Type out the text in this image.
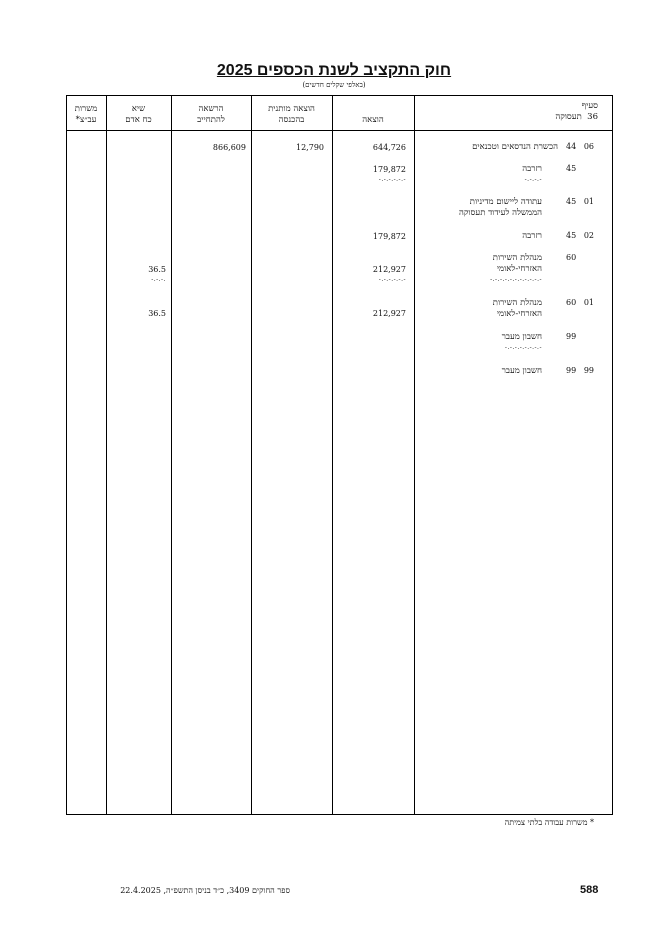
חוק התקציב לשנת הכספים 2025
(באלפי שקלים חדשים)
סעיף
36  תעסוקה
הוצאה
הוצאה מותנית
בהכנסה
הרשאה
להתחייב
שיא
כח אדם
משרות
עב״צ*
44 06
הכשרת הנדסאים וטכנאים
644,726
12,790
866,609
45
רזרבה
-.-.-.-
179,872
-.-.-.-.-.-
45 01
עתודה ליישום מדיניות
הממשלה לעידוד תעסוקה
45 02
רזרבה
179,872
60
מנהלת השירות
האזרחי-לאומי
-.-.-.-.-.-.-.-.-.-.-
212,927
-.-.-.-.-.-
36.5
-.-.-.
60 01
מנהלת השירות
האזרחי-לאומי
212,927
36.5
99
חשבון מעבר
-.-.-.-.-.-.-.-
99 99
חשבון מעבר
* משרות עבודה בלתי צמיתה
588
ספר החוקים 3409, כ״ד בניסן התשפ״ה, 22.4.2025
